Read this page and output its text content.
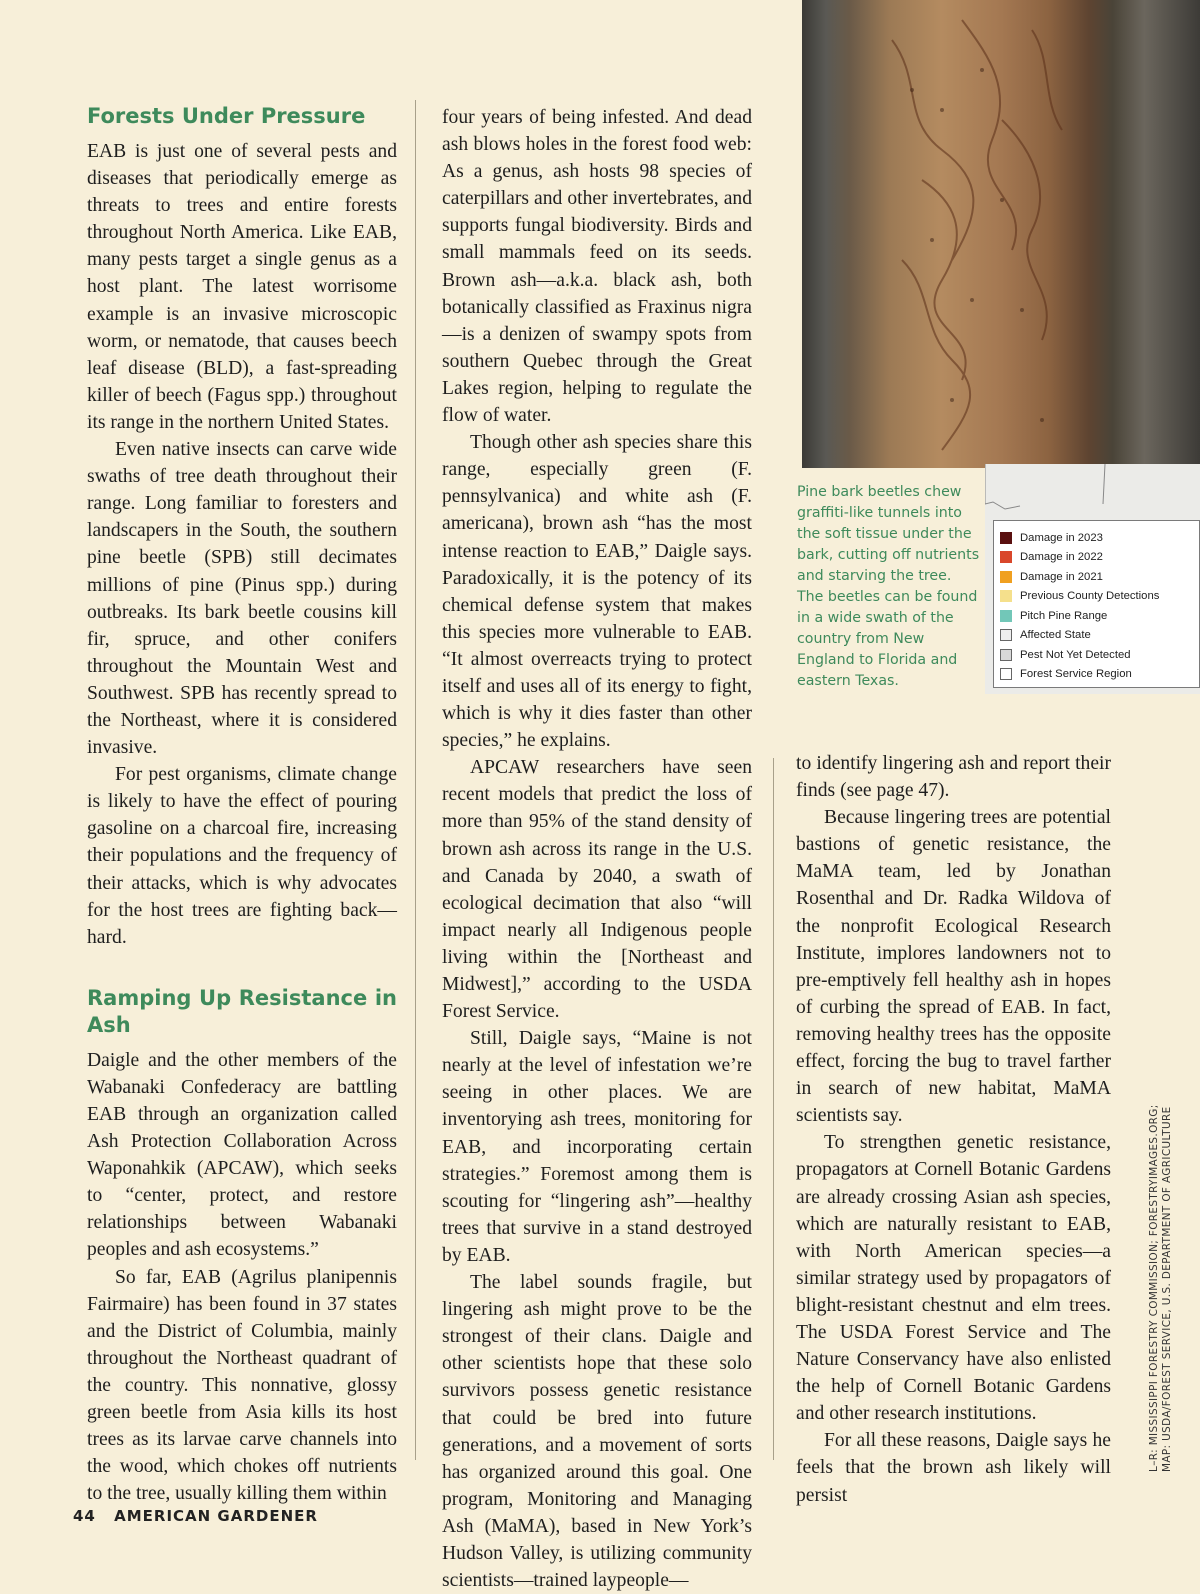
Forests Under Pressure

EAB is just one of several pests and diseases that periodically emerge as threats to trees and entire forests throughout North America. Like EAB, many pests target a single genus as a host plant. The latest worrisome example is an invasive microscopic worm, or nematode, that causes beech leaf disease (BLD), a fast-spreading killer of beech (Fagus spp.) throughout its range in the northern United States.

Even native insects can carve wide swaths of tree death throughout their range. Long familiar to foresters and landscapers in the South, the southern pine beetle (SPB) still decimates millions of pine (Pinus spp.) during outbreaks. Its bark beetle cousins kill fir, spruce, and other conifers throughout the Mountain West and Southwest. SPB has recently spread to the Northeast, where it is considered invasive.

For pest organisms, climate change is likely to have the effect of pouring gasoline on a charcoal fire, increasing their populations and the frequency of their attacks, which is why advocates for the host trees are fighting back—hard.

Ramping Up Resistance in Ash

Daigle and the other members of the Wabanaki Confederacy are battling EAB through an organization called Ash Protection Collaboration Across Waponahkik (APCAW), which seeks to “center, protect, and restore relationships between Wabanaki peoples and ash ecosystems.”

So far, EAB (Agrilus planipennis Fairmaire) has been found in 37 states and the District of Columbia, mainly throughout the Northeast quadrant of the country. This nonnative, glossy green beetle from Asia kills its host trees as its larvae carve channels into the wood, which chokes off nutrients to the tree, usually killing them within

four years of being infested. And dead ash blows holes in the forest food web: As a genus, ash hosts 98 species of caterpillars and other invertebrates, and supports fungal biodiversity. Birds and small mammals feed on its seeds. Brown ash—a.k.a. black ash, both botanically classified as Fraxinus nigra—is a denizen of swampy spots from southern Quebec through the Great Lakes region, helping to regulate the flow of water.

Though other ash species share this range, especially green (F. pennsylvanica) and white ash (F. americana), brown ash “has the most intense reaction to EAB,” Daigle says. Paradoxically, it is the potency of its chemical defense system that makes this species more vulnerable to EAB. “It almost overreacts trying to protect itself and uses all of its energy to fight, which is why it dies faster than other species,” he explains.

APCAW researchers have seen recent models that predict the loss of more than 95% of the stand density of brown ash across its range in the U.S. and Canada by 2040, a swath of ecological decimation that also “will impact nearly all Indigenous people living within the [Northeast and Midwest],” according to the USDA Forest Service.

Still, Daigle says, “Maine is not nearly at the level of infestation we’re seeing in other places. We are inventorying ash trees, monitoring for EAB, and incorporating certain strategies.” Foremost among them is scouting for “lingering ash”—healthy trees that survive in a stand destroyed by EAB.

The label sounds fragile, but lingering ash might prove to be the strongest of their clans. Daigle and other scientists hope that these solo survivors possess genetic resistance that could be bred into future generations, and a movement of sorts has organized around this goal. One program, Monitoring and Managing Ash (MaMA), based in New York’s Hudson Valley, is utilizing community scientists—trained laypeople—

Damage in 2023
Damage in 2022
Damage in 2021
Previous County Detections
Pitch Pine Range
Affected State
Pest Not Yet Detected
Forest Service Region
Pine bark beetles chew graffiti-like tunnels into the soft tissue under the bark, cutting off nutrients and starving the tree. The beetles can be found in a wide swath of the country from New England to Florida and eastern Texas.

to identify lingering ash and report their finds (see page 47).

Because lingering trees are potential bastions of genetic resistance, the MaMA team, led by Jonathan Rosenthal and Dr. Radka Wildova of the nonprofit Ecological Research Institute, implores landowners not to pre-emptively fell healthy ash in hopes of curbing the spread of EAB. In fact, removing healthy trees has the opposite effect, forcing the bug to travel farther in search of new habitat, MaMA scientists say.

To strengthen genetic resistance, propagators at Cornell Botanic Gardens are already crossing Asian ash species, which are naturally resistant to EAB, with North American species—a similar strategy used by propagators of blight-resistant chestnut and elm trees. The USDA Forest Service and The Nature Conservancy have also enlisted the help of Cornell Botanic Gardens and other research institutions.

For all these reasons, Daigle says he feels that the brown ash likely will persist

L–R: MISSISSIPPI FORESTRY COMMISSION; FORESTRYIMAGES.ORG; MAP: USDA/FOREST SERVICE, U.S. DEPARTMENT OF AGRICULTURE
44 AMERICAN GARDENER
